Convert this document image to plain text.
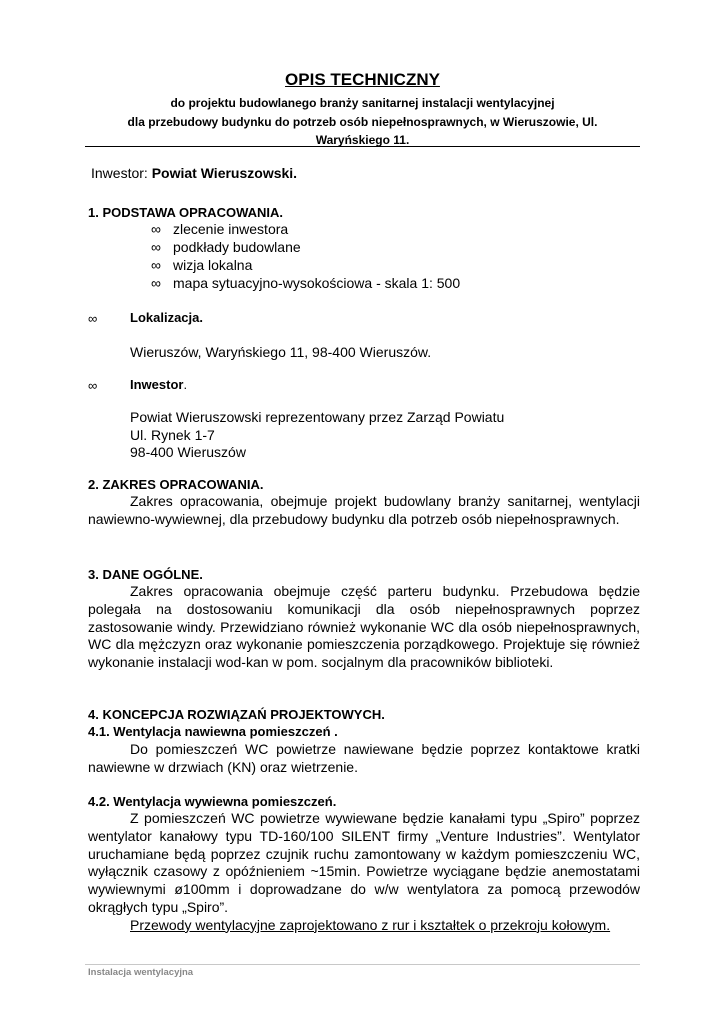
OPIS TECHNICZNY
do projektu budowlanego branży sanitarnej instalacji wentylacyjnej
dla przebudowy budynku do potrzeb osób niepełnosprawnych, w Wieruszowie, Ul.
Waryńskiego 11.
Inwestor: Powiat Wieruszowski.
1. PODSTAWA OPRACOWANIA.
∞ zlecenie inwestora
∞ podkłady budowlane
∞ wizja lokalna
∞ mapa sytuacyjno-wysokościowa - skala 1: 500
∞	Lokalizacja.
Wieruszów, Waryńskiego 11, 98-400 Wieruszów.
∞	Inwestor.
Powiat Wieruszowski reprezentowany przez Zarząd Powiatu
Ul. Rynek 1-7
98-400 Wieruszów
2. ZAKRES OPRACOWANIA.

Zakres opracowania, obejmuje projekt budowlany branży sanitarnej, wentylacji nawiewno-wywiewnej, dla przebudowy budynku dla potrzeb osób niepełnosprawnych.

3. DANE OGÓLNE.

Zakres opracowania obejmuje część parteru budynku. Przebudowa będzie polegała na dostosowaniu komunikacji dla osób niepełnosprawnych poprzez zastosowanie windy. Przewidziano również wykonanie WC dla osób niepełnosprawnych, WC dla mężczyzn oraz wykonanie pomieszczenia porządkowego. Projektuje się również wykonanie instalacji wod-kan w pom. socjalnym dla pracowników biblioteki.

4. KONCEPCJA ROZWIĄZAŃ PROJEKTOWYCH.
4.1. Wentylacja nawiewna pomieszczeń .

Do pomieszczeń WC powietrze nawiewane będzie poprzez kontaktowe kratki nawiewne w drzwiach (KN) oraz wietrzenie.

4.2. Wentylacja wywiewna pomieszczeń.

Z pomieszczeń WC powietrze wywiewane będzie kanałami typu „Spiro” poprzez wentylator kanałowy typu TD-160/100 SILENT firmy „Venture Industries”. Wentylator uruchamiane będą poprzez czujnik ruchu zamontowany w każdym pomieszczeniu WC, wyłącznik czasowy z opóźnieniem ~15min. Powietrze wyciągane będzie anemostatami wywiewnymi ø100mm i doprowadzane do w/w wentylatora za pomocą przewodów okrągłych typu „Spiro”.

Przewody wentylacyjne zaprojektowano z rur i kształtek o przekroju kołowym.

Instalacja wentylacyjna
